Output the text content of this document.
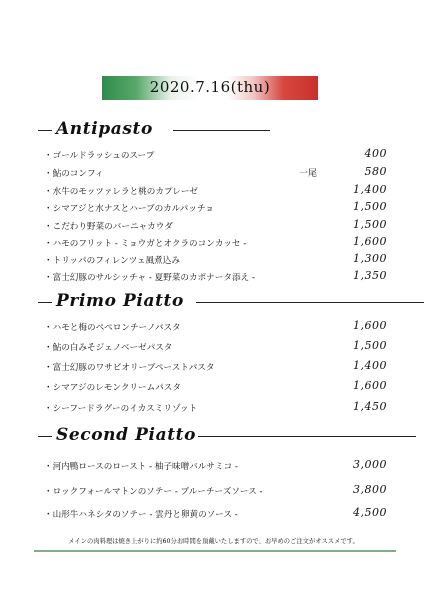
2020.7.16(thu)
Antipasto
・ゴールドラッシュのスープ	400
・鮎のコンフィ	一尾	580
・水牛のモッツァレラと桃のカプレーゼ	1,400
・シマアジと水ナスとハーブのカルパッチョ	1,500
・こだわり野菜のバーニャカウダ	1,500
・ハモのフリット - ミョウガとオクラのコンカッセ -	1,600
・トリッパのフィレンツェ風煮込み	1,300
・富士幻豚のサルシッチャ - 夏野菜のカポナータ添え -	1,350
Primo Piatto
・ハモと梅のペペロンチーノパスタ	1,600
・鮎の白みそジェノベーゼパスタ	1,500
・富士幻豚のワサビオリーブペーストパスタ	1,400
・シマアジのレモンクリームパスタ	1,600
・シーフードラグーのイカスミリゾット	1,450
Second Piatto
・河内鴨ロースのロースト - 柚子味噌バルサミコ -	3,000
・ロックフォールマトンのソテー - ブルーチーズソース -	3,800
・山形牛ハネシタのソテー - 雲丹と卵黄のソース -	4,500
メインの肉料理は焼き上がりに約60分お時間を頂戴いたしますので、お早めのご注文がオススメです。
